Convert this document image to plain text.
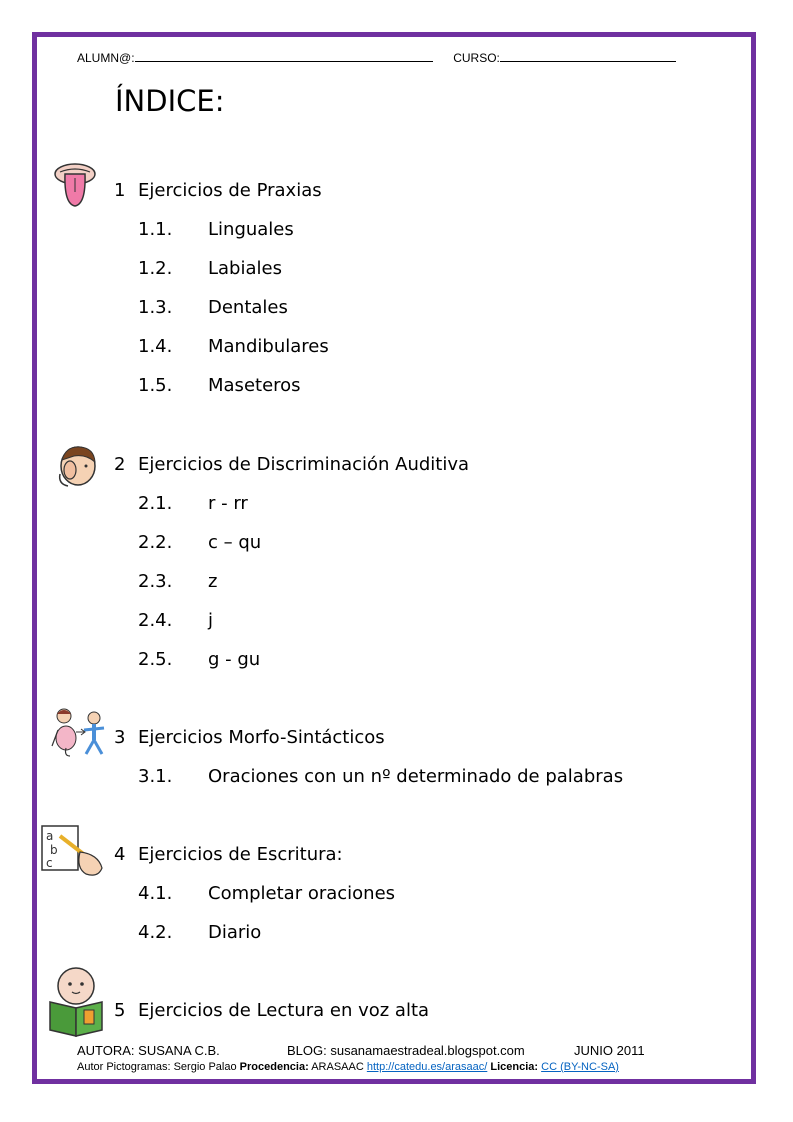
ALUMN@:	CURSO:
ÍNDICE:
1 Ejercicios de Praxias
1.1. Linguales
1.2. Labiales
1.3. Dentales
1.4. Mandibulares
1.5. Maseteros
2 Ejercicios de Discriminación Auditiva
2.1. r - rr
2.2. c – qu
2.3. z
2.4. j
2.5. g - gu
3 Ejercicios Morfo-Sintácticos
3.1. Oraciones con un nº determinado de palabras
a
b
c	4 Ejercicios de Escritura:
4.1. Completar oraciones
4.2. Diario
5 Ejercicios de Lectura en voz alta
AUTORA: SUSANA C.B.	BLOG: susanamaestradeal.blogspot.com	JUNIO 2011
Autor Pictogramas: Sergio Palao Procedencia: ARASAAC http://catedu.es/arasaac/ Licencia: CC (BY-NC-SA)
